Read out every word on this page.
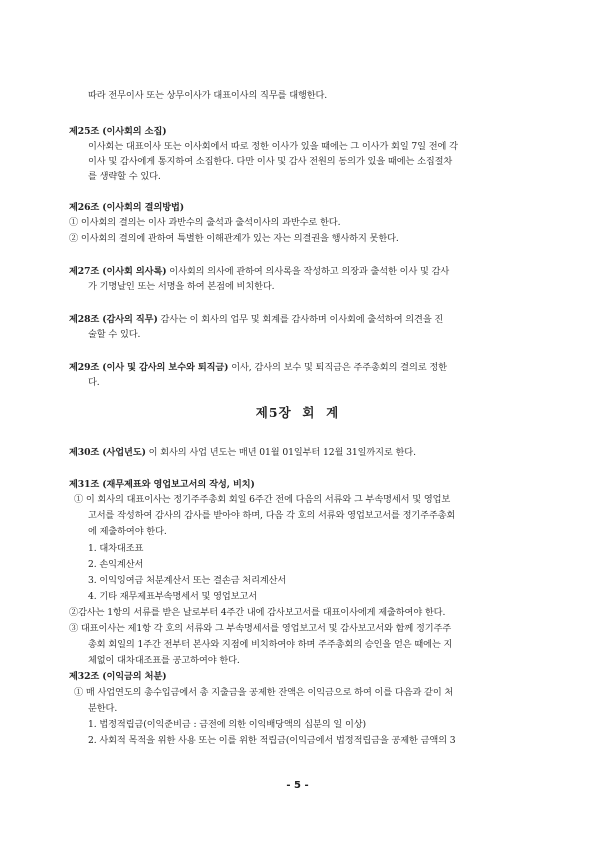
따라 전무이사 또는 상무이사가 대표이사의 직무를 대행한다.
제25조 (이사회의 소집)
이사회는 대표이사 또는 이사회에서 따로 정한 이사가 있을 때에는 그 이사가 회일 7일 전에 각
이사 및 감사에게 통지하여 소집한다. 다만 이사 및 감사 전원의 동의가 있을 때에는 소집절차
를 생략할 수 있다.
제26조 (이사회의 결의방법)
① 이사회의 결의는 이사 과반수의 출석과 출석이사의 과반수로 한다.
② 이사회의 결의에 관하여 특별한 이해관계가 있는 자는 의결권을 행사하지 못한다.
제27조 (이사회 의사록) 이사회의 의사에 관하여 의사록을 작성하고 의장과 출석한 이사 및 감사
가 기명날인 또는 서명을 하여 본점에 비치한다.
제28조 (감사의 직무) 감사는 이 회사의 업무 및 회계를 감사하며 이사회에 출석하여 의견을 진
술할 수 있다.
제29조 (이사 및 감사의 보수와 퇴직금) 이사, 감사의 보수 및 퇴직금은 주주총회의 결의로 정한
다.
제5장  회  계
제30조 (사업년도) 이 회사의 사업 년도는 매년 01월 01일부터 12월 31일까지로 한다.
제31조 (재무제표와 영업보고서의 작성, 비치)
① 이 회사의 대표이사는 정기주주총회 회일 6주간 전에 다음의 서류와 그 부속명세서 및 영업보
고서를 작성하여 감사의 감사를 받아야 하며, 다음 각 호의 서류와 영업보고서를 정기주주총회
에 제출하여야 한다.
1. 대차대조표
2. 손익계산서
3. 이익잉여금 처분계산서 또는 결손금 처리계산서
4. 기타 재무제표부속명세서 및 영업보고서
②감사는 1항의 서류를 받은 날로부터 4주간 내에 감사보고서를 대표이사에게 제출하여야 한다.
③ 대표이사는 제1항 각 호의 서류와 그 부속명세서를 영업보고서 및 감사보고서와 함께 정기주주
총회 회일의 1주간 전부터 본사와 지점에 비치하여야 하며 주주총회의 승인을 얻은 때에는 지
체없이 대차대조표를 공고하여야 한다.
제32조 (이익금의 처분)
① 매 사업연도의 총수입금에서 총 지출금을 공제한 잔액은 이익금으로 하여 이를 다음과 같이 처
분한다.
1. 법정적립금(이익준비금 : 금전에 의한 이익배당액의 십분의 일 이상)
2. 사회적 목적을 위한 사용 또는 이를 위한 적립금(이익금에서 법정적립금을 공제한 금액의 3
- 5 -
